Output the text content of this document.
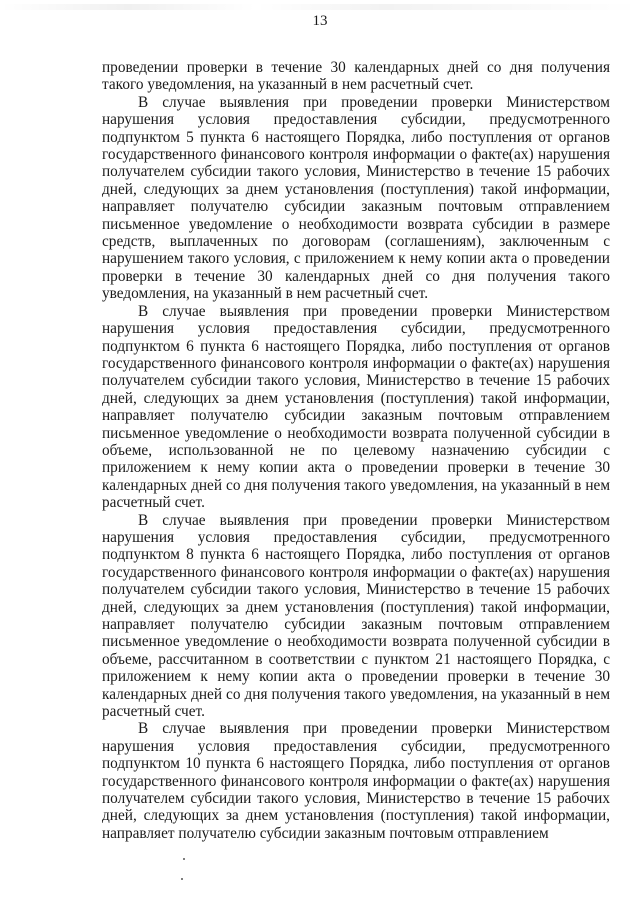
13

проведении проверки в течение 30 календарных дней со дня получения такого уведомления, на указанный в нем расчетный счет.

В случае выявления при проведении проверки Министерством нарушения условия предоставления субсидии, предусмотренного подпунктом 5 пункта 6 настоящего Порядка, либо поступления от органов государственного финансового контроля информации о факте(ах) нарушения получателем субсидии такого условия, Министерство в течение 15 рабочих дней, следующих за днем установления (поступления) такой информации, направляет получателю субсидии заказным почтовым отправлением письменное уведомление о необходимости возврата субсидии в размере средств, выплаченных по договорам (соглашениям), заключенным с нарушением такого условия, с приложением к нему копии акта о проведении проверки в течение 30 календарных дней со дня получения такого уведомления, на указанный в нем расчетный счет.

В случае выявления при проведении проверки Министерством нарушения условия предоставления субсидии, предусмотренного подпунктом 6 пункта 6 настоящего Порядка, либо поступления от органов государственного финансового контроля информации о факте(ах) нарушения получателем субсидии такого условия, Министерство в течение 15 рабочих дней, следующих за днем установления (поступления) такой информации, направляет получателю субсидии заказным почтовым отправлением письменное уведомление о необходимости возврата полученной субсидии в объеме, использованной не по целевому назначению субсидии с приложением к нему копии акта о проведении проверки в течение 30 календарных дней со дня получения такого уведомления, на указанный в нем расчетный счет.

В случае выявления при проведении проверки Министерством нарушения условия предоставления субсидии, предусмотренного подпунктом 8 пункта 6 настоящего Порядка, либо поступления от органов государственного финансового контроля информации о факте(ах) нарушения получателем субсидии такого условия, Министерство в течение 15 рабочих дней, следующих за днем установления (поступления) такой информации, направляет получателю субсидии заказным почтовым отправлением письменное уведомление о необходимости возврата полученной субсидии в объеме, рассчитанном в соответствии с пунктом 21 настоящего Порядка, с приложением к нему копии акта о проведении проверки в течение 30 календарных дней со дня получения такого уведомления, на указанный в нем расчетный счет.

В случае выявления при проведении проверки Министерством нарушения условия предоставления субсидии, предусмотренного подпунктом 10 пункта 6 настоящего Порядка, либо поступления от органов государственного финансового контроля информации о факте(ах) нарушения получателем субсидии такого условия, Министерство в течение 15 рабочих дней, следующих за днем установления (поступления) такой информации, направляет получателю субсидии заказным почтовым отправлением
